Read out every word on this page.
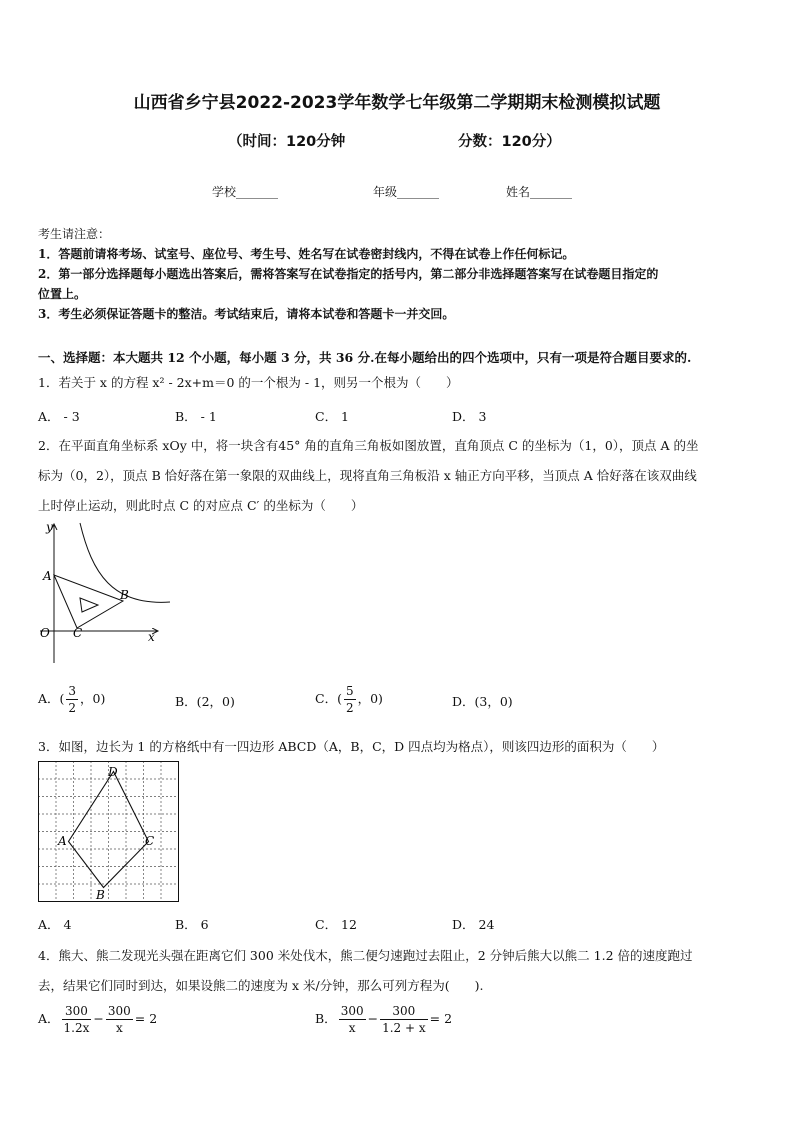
山西省乡宁县2022-2023学年数学七年级第二学期期末检测模拟试题
（时间：120分钟	分数：120分）
学校_______	年级_______	姓名_______

考生请注意：

1．答题前请将考场、试室号、座位号、考生号、姓名写在试卷密封线内，不得在试卷上作任何标记。

2．第一部分选择题每小题选出答案后，需将答案写在试卷指定的括号内，第二部分非选择题答案写在试卷题目指定的

位置上。

3．考生必须保证答题卡的整洁。考试结束后，请将本试卷和答题卡一并交回。

一、选择题：本大题共 12 个小题，每小题 3 分，共 36 分.在每小题给出的四个选项中，只有一项是符合题目要求的.

1．若关于 x 的方程 x² - 2x+m＝0 的一个根为 - 1，则另一个根为（　　）

A． - 3	B． - 1	C． 1	D． 3

2．在平面直角坐标系 xOy 中，将一块含有45° 角的直角三角板如图放置，直角顶点 C 的坐标为（1，0），顶点 A 的坐

标为（0，2），顶点 B 恰好落在第一象限的双曲线上，现将直角三角板沿 x 轴正方向平移，当顶点 A 恰好落在该双曲线

上时停止运动，则此时点 C 的对应点 C′ 的坐标为（　　）

y
A
B
O C	x
A．( $\frac{3}{2}$ ，0)	B．(2，0)	C．( $\frac{5}{2}$ ，0)	D．(3，0)

3．如图，边长为 1 的方格纸中有一四边形 ABCD（A，B，C，D 四点均为格点），则该四边形的面积为（　　）

D
A	C
B
A． 4	B． 6	C． 12	D． 24

4．熊大、熊二发现光头强在距离它们 300 米处伐木，熊二便匀速跑过去阻止，2 分钟后熊大以熊二 1.2 倍的速度跑过

去，结果它们同时到达，如果设熊二的速度为 x 米/分钟，那么可列方程为(　　).

A． $\frac{300}{1.2x} - \frac{300}{x} = 2$	B． $\frac{300}{x} - \frac{300}{1.2 + x} = 2$
